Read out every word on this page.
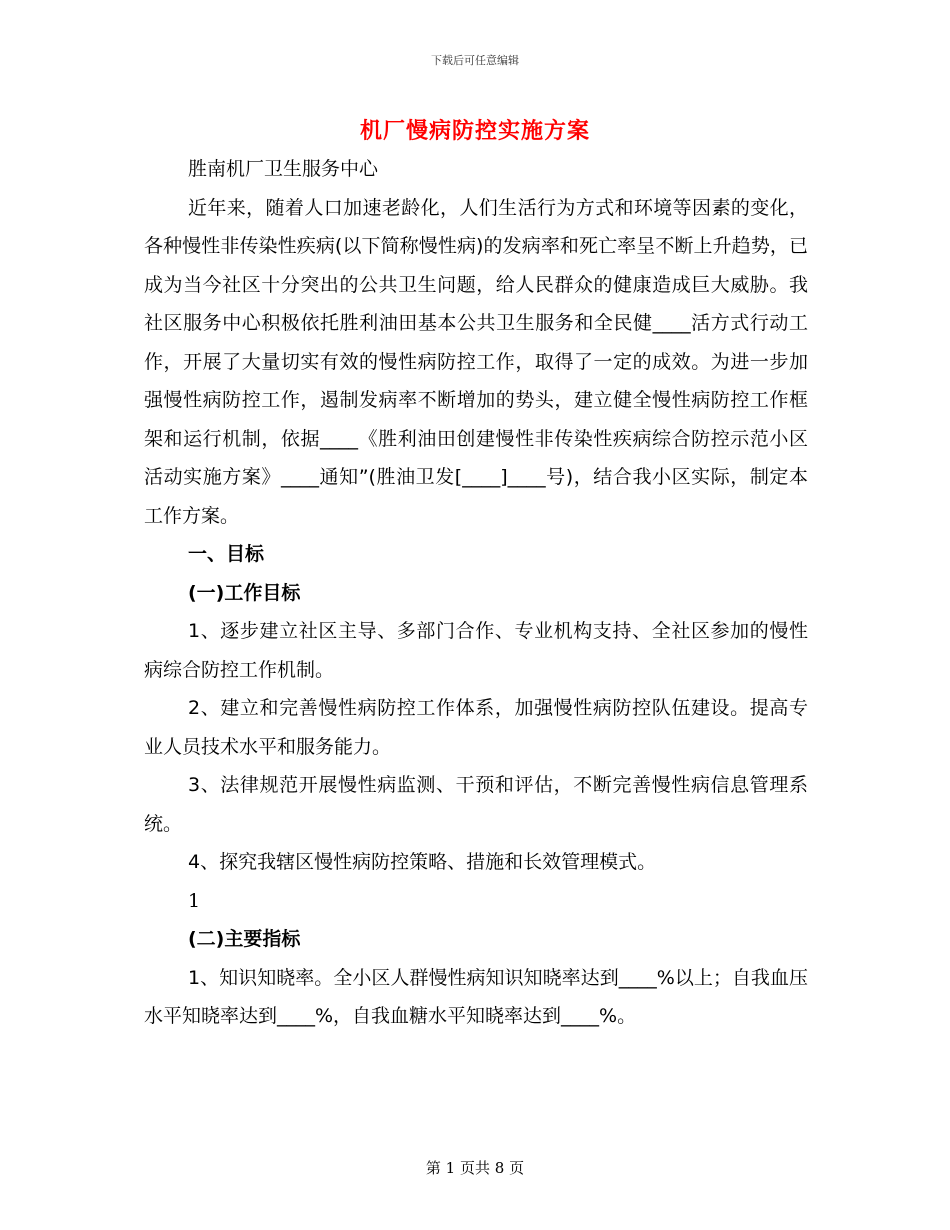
下载后可任意编辑
机厂慢病防控实施方案

胜南机厂卫生服务中心

近年来，随着人口加速老龄化，人们生活行为方式和环境等因素的变化，各种慢性非传染性疾病(以下简称慢性病)的发病率和死亡率呈不断上升趋势，已成为当今社区十分突出的公共卫生问题，给人民群众的健康造成巨大威胁。我社区服务中心积极依托胜利油田基本公共卫生服务和全民健____活方式行动工作，开展了大量切实有效的慢性病防控工作，取得了一定的成效。为进一步加强慢性病防控工作，遏制发病率不断增加的势头，建立健全慢性病防控工作框架和运行机制，依据____《胜利油田创建慢性非传染性疾病综合防控示范小区活动实施方案》____通知”(胜油卫发[____]____号)，结合我小区实际，制定本工作方案。

一、目标

(一)工作目标

1、逐步建立社区主导、多部门合作、专业机构支持、全社区参加的慢性病综合防控工作机制。

2、建立和完善慢性病防控工作体系，加强慢性病防控队伍建设。提高专业人员技术水平和服务能力。

3、法律规范开展慢性病监测、干预和评估，不断完善慢性病信息管理系统。

4、探究我辖区慢性病防控策略、措施和长效管理模式。

1

(二)主要指标

1、知识知晓率。全小区人群慢性病知识知晓率达到____%以上；自我血压水平知晓率达到____%，自我血糖水平知晓率达到____%。

第 1 页共 8 页
